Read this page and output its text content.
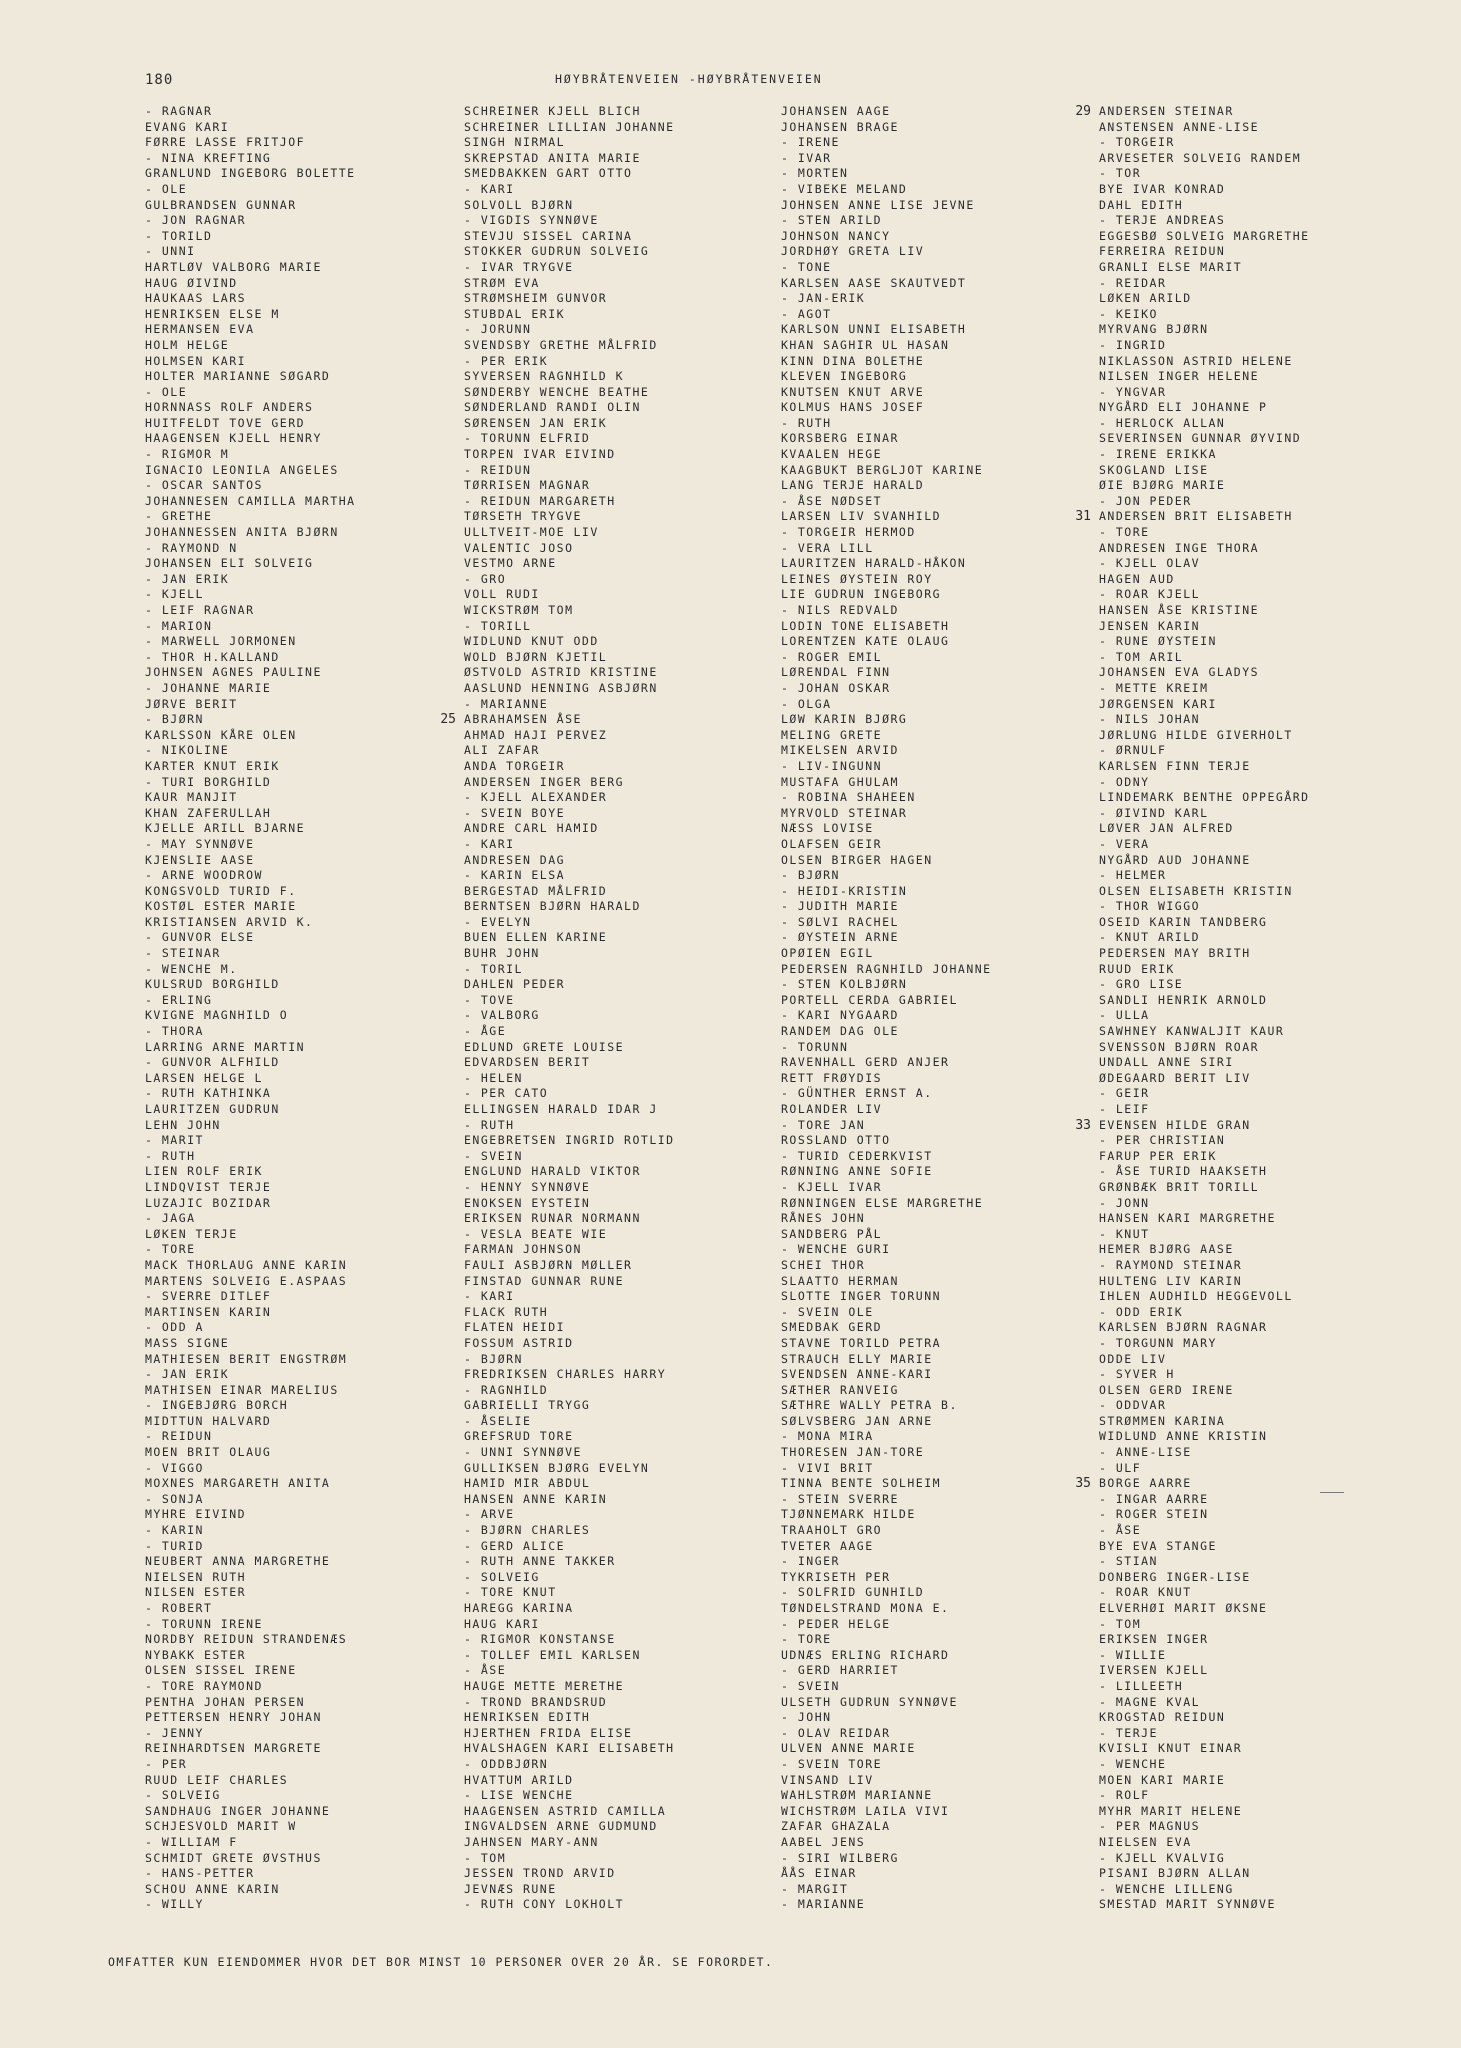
180	HØYBRÅTENVEIEN -HØYBRÅTENVEIEN
- RAGNAR
EVANG KARI
FØRRE LASSE FRITJOF
- NINA KREFTING
GRANLUND INGEBORG BOLETTE
- OLE
GULBRANDSEN GUNNAR
- JON RAGNAR
- TORILD
- UNNI
HARTLØV VALBORG MARIE
HAUG ØIVIND
HAUKAAS LARS
HENRIKSEN ELSE M
HERMANSEN EVA
HOLM HELGE
HOLMSEN KARI
HOLTER MARIANNE SØGARD
- OLE
HORNNASS ROLF ANDERS
HUITFELDT TOVE GERD
HAAGENSEN KJELL HENRY
- RIGMOR M
IGNACIO LEONILA ANGELES
- OSCAR SANTOS
JOHANNESEN CAMILLA MARTHA
- GRETHE
JOHANNESSEN ANITA BJØRN
- RAYMOND N
JOHANSEN ELI SOLVEIG
- JAN ERIK
- KJELL
- LEIF RAGNAR
- MARION
- MARWELL JORMONEN
- THOR H.KALLAND
JOHNSEN AGNES PAULINE
- JOHANNE MARIE
JØRVE BERIT
- BJØRN
KARLSSON KÅRE OLEN
- NIKOLINE
KARTER KNUT ERIK
- TURI BORGHILD
KAUR MANJIT
KHAN ZAFERULLAH
KJELLE ARILL BJARNE
- MAY SYNNØVE
KJENSLIE AASE
- ARNE WOODROW
KONGSVOLD TURID F.
KOSTØL ESTER MARIE
KRISTIANSEN ARVID K.
- GUNVOR ELSE
- STEINAR
- WENCHE M.
KULSRUD BORGHILD
- ERLING
KVIGNE MAGNHILD O
- THORA
LARRING ARNE MARTIN
- GUNVOR ALFHILD
LARSEN HELGE L
- RUTH KATHINKA
LAURITZEN GUDRUN
LEHN JOHN
- MARIT
- RUTH
LIEN ROLF ERIK
LINDQVIST TERJE
LUZAJIC BOZIDAR
- JAGA
LØKEN TERJE
- TORE
MACK THORLAUG ANNE KARIN
MARTENS SOLVEIG E.ASPAAS
- SVERRE DITLEF
MARTINSEN KARIN
- ODD A
MASS SIGNE
MATHIESEN BERIT ENGSTRØM
- JAN ERIK
MATHISEN EINAR MARELIUS
- INGEBJØRG BORCH
MIDTTUN HALVARD
- REIDUN
MOEN BRIT OLAUG
- VIGGO
MOXNES MARGARETH ANITA
- SONJA
MYHRE EIVIND
- KARIN
- TURID
NEUBERT ANNA MARGRETHE
NIELSEN RUTH
NILSEN ESTER
- ROBERT
- TORUNN IRENE
NORDBY REIDUN STRANDENÆS
NYBAKK ESTER
OLSEN SISSEL IRENE
- TORE RAYMOND
PENTHA JOHAN PERSEN
PETTERSEN HENRY JOHAN
- JENNY
REINHARDTSEN MARGRETE
- PER
RUUD LEIF CHARLES
- SOLVEIG
SANDHAUG INGER JOHANNE
SCHJESVOLD MARIT W
- WILLIAM F
SCHMIDT GRETE ØVSTHUS
- HANS-PETTER
SCHOU ANNE KARIN
- WILLY
SCHREINER KJELL BLICH
SCHREINER LILLIAN JOHANNE
SINGH NIRMAL
SKREPSTAD ANITA MARIE
SMEDBAKKEN GART OTTO
- KARI
SOLVOLL BJØRN
- VIGDIS SYNNØVE
STEVJU SISSEL CARINA
STOKKER GUDRUN SOLVEIG
- IVAR TRYGVE
STRØM EVA
STRØMSHEIM GUNVOR
STUBDAL ERIK
- JORUNN
SVENDSBY GRETHE MÅLFRID
- PER ERIK
SYVERSEN RAGNHILD K
SØNDERBY WENCHE BEATHE
SØNDERLAND RANDI OLIN
SØRENSEN JAN ERIK
- TORUNN ELFRID
TORPEN IVAR EIVIND
- REIDUN
TØRRISEN MAGNAR
- REIDUN MARGARETH
TØRSETH TRYGVE
ULLTVEIT-MOE LIV
VALENTIC JOSO
VESTMO ARNE
- GRO
VOLL RUDI
WICKSTRØM TOM
- TORILL
WIDLUND KNUT ODD
WOLD BJØRN KJETIL
ØSTVOLD ASTRID KRISTINE
AASLUND HENNING ASBJØRN
- MARIANNE
25 ABRAHAMSEN ÅSE
AHMAD HAJI PERVEZ
ALI ZAFAR
ANDA TORGEIR
ANDERSEN INGER BERG
- KJELL ALEXANDER
- SVEIN BOYE
ANDRE CARL HAMID
- KARI
ANDRESEN DAG
- KARIN ELSA
BERGESTAD MÅLFRID
BERNTSEN BJØRN HARALD
- EVELYN
BUEN ELLEN KARINE
BUHR JOHN
- TORIL
DAHLEN PEDER
- TOVE
- VALBORG
- ÅGE
EDLUND GRETE LOUISE
EDVARDSEN BERIT
- HELEN
- PER CATO
ELLINGSEN HARALD IDAR J
- RUTH
ENGEBRETSEN INGRID ROTLID
- SVEIN
ENGLUND HARALD VIKTOR
- HENNY SYNNØVE
ENOKSEN EYSTEIN
ERIKSEN RUNAR NORMANN
- VESLA BEATE WIE
FARMAN JOHNSON
FAULI ASBJØRN MØLLER
FINSTAD GUNNAR RUNE
- KARI
FLACK RUTH
FLATEN HEIDI
FOSSUM ASTRID
- BJØRN
FREDRIKSEN CHARLES HARRY
- RAGNHILD
GABRIELLI TRYGG
- ÅSELIE
GREFSRUD TORE
- UNNI SYNNØVE
GULLIKSEN BJØRG EVELYN
HAMID MIR ABDUL
HANSEN ANNE KARIN
- ARVE
- BJØRN CHARLES
- GERD ALICE
- RUTH ANNE TAKKER
- SOLVEIG
- TORE KNUT
HAREGG KARINA
HAUG KARI
- RIGMOR KONSTANSE
- TOLLEF EMIL KARLSEN
- ÅSE
HAUGE METTE MERETHE
- TROND BRANDSRUD
HENRIKSEN EDITH
HJERTHEN FRIDA ELISE
HVALSHAGEN KARI ELISABETH
- ODDBJØRN
HVATTUM ARILD
- LISE WENCHE
HAAGENSEN ASTRID CAMILLA
INGVALDSEN ARNE GUDMUND
JAHNSEN MARY-ANN
- TOM
JESSEN TROND ARVID
JEVNÆS RUNE
- RUTH CONY LOKHOLT
JOHANSEN AAGE
JOHANSEN BRAGE
- IRENE
- IVAR
- MORTEN
- VIBEKE MELAND
JOHNSEN ANNE LISE JEVNE
- STEN ARILD
JOHNSON NANCY
JORDHØY GRETA LIV
- TONE
KARLSEN AASE SKAUTVEDT
- JAN-ERIK
- AGOT
KARLSON UNNI ELISABETH
KHAN SAGHIR UL HASAN
KINN DINA BOLETHE
KLEVEN INGEBORG
KNUTSEN KNUT ARVE
KOLMUS HANS JOSEF
- RUTH
KORSBERG EINAR
KVAALEN HEGE
KAAGBUKT BERGLJOT KARINE
LANG TERJE HARALD
- ÅSE NØDSET
LARSEN LIV SVANHILD
- TORGEIR HERMOD
- VERA LILL
LAURITZEN HARALD-HÅKON
LEINES ØYSTEIN ROY
LIE GUDRUN INGEBORG
- NILS REDVALD
LODIN TONE ELISABETH
LORENTZEN KATE OLAUG
- ROGER EMIL
LØRENDAL FINN
- JOHAN OSKAR
- OLGA
LØW KARIN BJØRG
MELING GRETE
MIKELSEN ARVID
- LIV-INGUNN
MUSTAFA GHULAM
- ROBINA SHAHEEN
MYRVOLD STEINAR
NÆSS LOVISE
OLAFSEN GEIR
OLSEN BIRGER HAGEN
- BJØRN
- HEIDI-KRISTIN
- JUDITH MARIE
- SØLVI RACHEL
- ØYSTEIN ARNE
OPØIEN EGIL
PEDERSEN RAGNHILD JOHANNE
- STEN KOLBJØRN
PORTELL CERDA GABRIEL
- KARI NYGAARD
RANDEM DAG OLE
- TORUNN
RAVENHALL GERD ANJER
RETT FRØYDIS
- GÜNTHER ERNST A.
ROLANDER LIV
- TORE JAN
ROSSLAND OTTO
- TURID CEDERKVIST
RØNNING ANNE SOFIE
- KJELL IVAR
RØNNINGEN ELSE MARGRETHE
RÅNES JOHN
SANDBERG PÅL
- WENCHE GURI
SCHEI THOR
SLAATTO HERMAN
SLOTTE INGER TORUNN
- SVEIN OLE
SMEDBAK GERD
STAVNE TORILD PETRA
STRAUCH ELLY MARIE
SVENDSEN ANNE-KARI
SÆTHER RANVEIG
SÆTHRE WALLY PETRA B.
SØLVSBERG JAN ARNE
- MONA MIRA
THORESEN JAN-TORE
- VIVI BRIT
TINNA BENTE SOLHEIM
- STEIN SVERRE
TJØNNEMARK HILDE
TRAAHOLT GRO
TVETER AAGE
- INGER
TYKRISETH PER
- SOLFRID GUNHILD
TØNDELSTRAND MONA E.
- PEDER HELGE
- TORE
UDNÆS ERLING RICHARD
- GERD HARRIET
- SVEIN
ULSETH GUDRUN SYNNØVE
- JOHN
- OLAV REIDAR
ULVEN ANNE MARIE
- SVEIN TORE
VINSAND LIV
WAHLSTRØM MARIANNE
WICHSTRØM LAILA VIVI
ZAFAR GHAZALA
AABEL JENS
- SIRI WILBERG
ÅÅS EINAR
- MARGIT
- MARIANNE
29 ANDERSEN STEINAR
ANSTENSEN ANNE-LISE
- TORGEIR
ARVESETER SOLVEIG RANDEM
- TOR
BYE IVAR KONRAD
DAHL EDITH
- TERJE ANDREAS
EGGESBØ SOLVEIG MARGRETHE
FERREIRA REIDUN
GRANLI ELSE MARIT
- REIDAR
LØKEN ARILD
- KEIKO
MYRVANG BJØRN
- INGRID
NIKLASSON ASTRID HELENE
NILSEN INGER HELENE
- YNGVAR
NYGÅRD ELI JOHANNE P
- HERLOCK ALLAN
SEVERINSEN GUNNAR ØYVIND
- IRENE ERIKKA
SKOGLAND LISE
ØIE BJØRG MARIE
- JON PEDER
31 ANDERSEN BRIT ELISABETH
- TORE
ANDRESEN INGE THORA
- KJELL OLAV
HAGEN AUD
- ROAR KJELL
HANSEN ÅSE KRISTINE
JENSEN KARIN
- RUNE ØYSTEIN
- TOM ARIL
JOHANSEN EVA GLADYS
- METTE KREIM
JØRGENSEN KARI
- NILS JOHAN
JØRLUNG HILDE GIVERHOLT
- ØRNULF
KARLSEN FINN TERJE
- ODNY
LINDEMARK BENTHE OPPEGÅRD
- ØIVIND KARL
LØVER JAN ALFRED
- VERA
NYGÅRD AUD JOHANNE
- HELMER
OLSEN ELISABETH KRISTIN
- THOR WIGGO
OSEID KARIN TANDBERG
- KNUT ARILD
PEDERSEN MAY BRITH
RUUD ERIK
- GRO LISE
SANDLI HENRIK ARNOLD
- ULLA
SAWHNEY KANWALJIT KAUR
SVENSSON BJØRN ROAR
UNDALL ANNE SIRI
ØDEGAARD BERIT LIV
- GEIR
- LEIF
33 EVENSEN HILDE GRAN
- PER CHRISTIAN
FARUP PER ERIK
- ÅSE TURID HAAKSETH
GRØNBÆK BRIT TORILL
- JONN
HANSEN KARI MARGRETHE
- KNUT
HEMER BJØRG AASE
- RAYMOND STEINAR
HULTENG LIV KARIN
IHLEN AUDHILD HEGGEVOLL
- ODD ERIK
KARLSEN BJØRN RAGNAR
- TORGUNN MARY
ODDE LIV
- SYVER H
OLSEN GERD IRENE
- ODDVAR
STRØMMEN KARINA
WIDLUND ANNE KRISTIN
- ANNE-LISE
- ULF
35 BORGE AARRE
- INGAR AARRE
- ROGER STEIN
- ÅSE
BYE EVA STANGE
- STIAN
DONBERG INGER-LISE
- ROAR KNUT
ELVERHØI MARIT ØKSNE
- TOM
ERIKSEN INGER
- WILLIE
IVERSEN KJELL
- LILLEETH
- MAGNE KVAL
KROGSTAD REIDUN
- TERJE
KVISLI KNUT EINAR
- WENCHE
MOEN KARI MARIE
- ROLF
MYHR MARIT HELENE
- PER MAGNUS
NIELSEN EVA
- KJELL KVALVIG
PISANI BJØRN ALLAN
- WENCHE LILLENG
SMESTAD MARIT SYNNØVE
OMFATTER KUN EIENDOMMER HVOR DET BOR MINST 10 PERSONER OVER 20 ÅR. SE FORORDET.
